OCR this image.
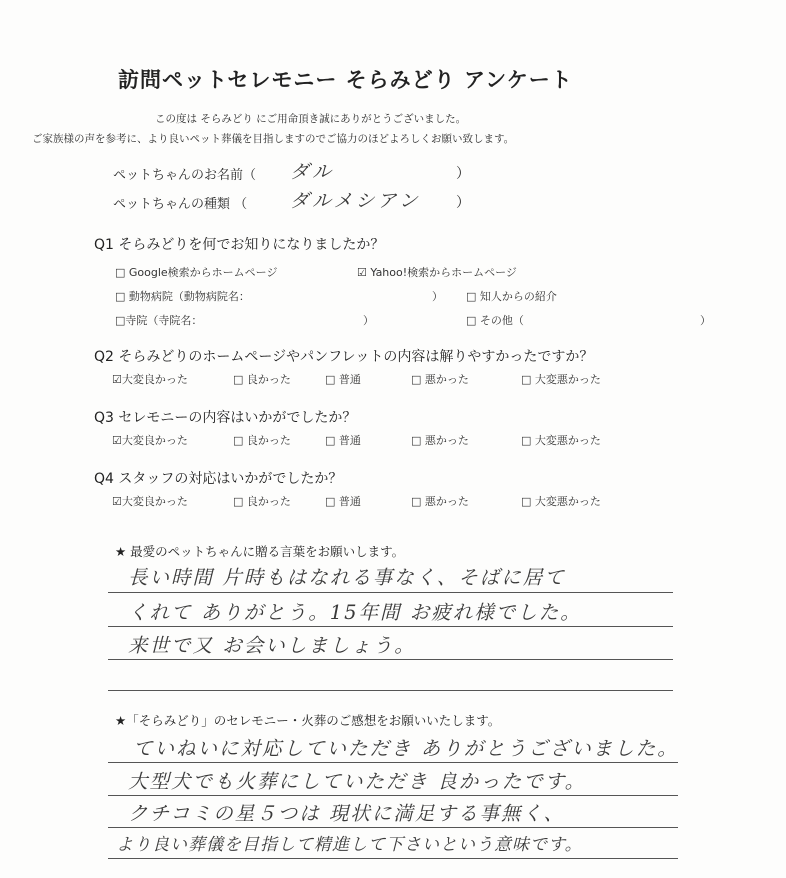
訪問ペットセレモニー そらみどり アンケート
この度は そらみどり にご用命頂き誠にありがとうございました。
ご家族様の声を参考に、より良いペット葬儀を目指しますのでご協力のほどよろしくお願い致します。
ペットちゃんのお名前（ ダル	）
ペットちゃんの種類 （ ダルメシアン	）
Q1 そらみどりを何でお知りになりましたか？
□ Google検索からホームページ	☑ Yahoo!検索からホームページ
□ 動物病院（動物病院名：	） □ 知人からの紹介
□寺院（寺院名：	）	□ その他（	）
Q2 そらみどりのホームページやパンフレットの内容は解りやすかったですか？
☑大変良かった	□ 良かった	□ 普通	□ 悪かった	□ 大変悪かった
Q3 セレモニーの内容はいかがでしたか？
☑大変良かった	□ 良かった	□ 普通	□ 悪かった	□ 大変悪かった
Q4 スタッフの対応はいかがでしたか？
☑大変良かった	□ 良かった	□ 普通	□ 悪かった	□ 大変悪かった
★ 最愛のペットちゃんに贈る言葉をお願いします。
長い時間 片時もはなれる事なく、そばに居て
くれて ありがとう。15年間 お疲れ様でした。
来世で又 お会いしましょう。
★「そらみどり」のセレモニー・火葬のご感想をお願いいたします。
ていねいに対応していただき ありがとうございました。
大型犬でも火葬にしていただき 良かったです。
クチコミの星５つは 現状に満足する事無く、
より良い葬儀を目指して精進して下さいという意味です。
